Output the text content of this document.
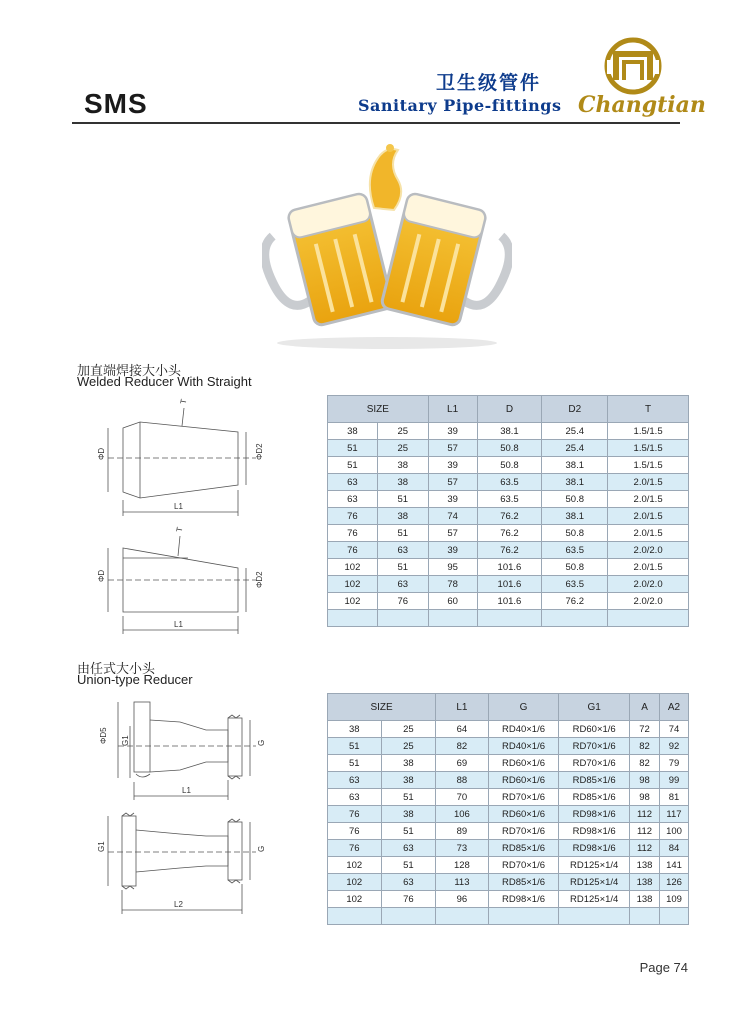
SMS
卫生级管件
Sanitary Pipe-fittings Changtian
加直端焊接大小头
Welded Reducer With Straight
ΦD	ΦD2
L1
T
ΦD	ΦD2
L1
T
SIZE		L1	D	D2	T
38	25	39	38.1	25.4	1.5/1.5
51	25	57	50.8	25.4	1.5/1.5
51	38	39	50.8	38.1	1.5/1.5
63	38	57	63.5	38.1	2.0/1.5
63	51	39	63.5	50.8	2.0/1.5
76	38	74	76.2	38.1	2.0/1.5
76	51	57	76.2	50.8	2.0/1.5
76	63	39	76.2	63.5	2.0/2.0
102	51	95	101.6	50.8	2.0/1.5
102	63	78	101.6	63.5	2.0/2.0
102	76	60	101.6	76.2	2.0/2.0

由任式大小头
Union-type Reducer
ΦD5 G1	G
L1
G1	G
L2
SIZE		L1	G	G1	A	A2
38	25	64	RD40×1/6	RD60×1/6	72	74
51	25	82	RD40×1/6	RD70×1/6	82	92
51	38	69	RD60×1/6	RD70×1/6	82	79
63	38	88	RD60×1/6	RD85×1/6	98	99
63	51	70	RD70×1/6	RD85×1/6	98	81
76	38	106	RD60×1/6	RD98×1/6	112	117
76	51	89	RD70×1/6	RD98×1/6	112	100
76	63	73	RD85×1/6	RD98×1/6	112	84
102	51	128	RD70×1/6	RD125×1/4	138	141
102	63	113	RD85×1/6	RD125×1/4	138	126
102	76	96	RD98×1/6	RD125×1/4	138	109

Page 74
